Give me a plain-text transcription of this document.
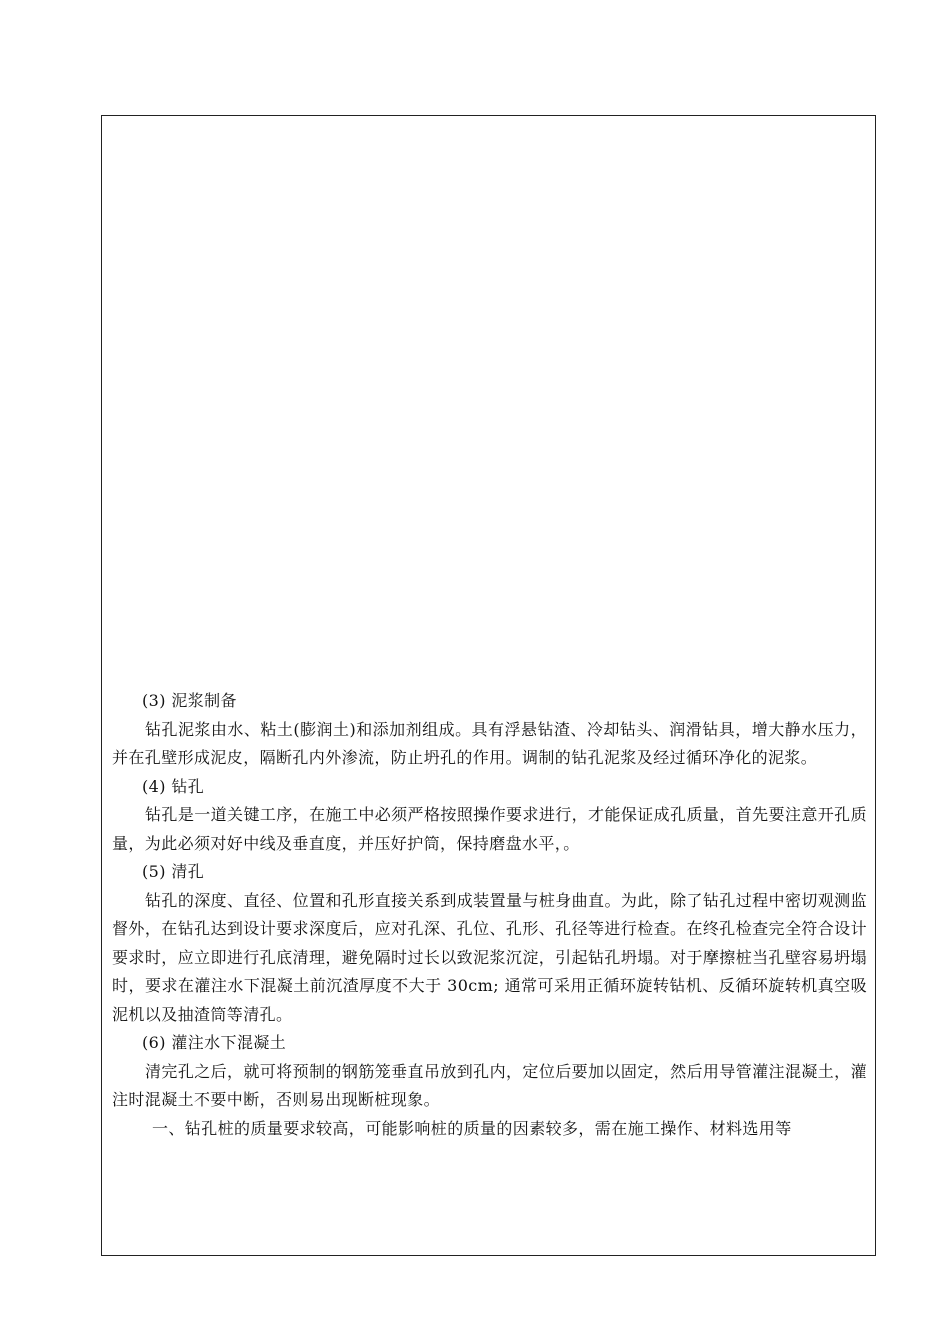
(3) 泥浆制备

钻孔泥浆由水、粘土(膨润土)和添加剂组成。具有浮悬钻渣、冷却钻头、润滑钻具，增大静水压力，并在孔壁形成泥皮，隔断孔内外渗流，防止坍孔的作用。调制的钻孔泥浆及经过循环净化的泥浆。

(4) 钻孔

钻孔是一道关键工序，在施工中必须严格按照操作要求进行，才能保证成孔质量，首先要注意开孔质量，为此必须对好中线及垂直度，并压好护筒，保持磨盘水平，。

(5) 清孔

钻孔的深度、直径、位置和孔形直接关系到成装置量与桩身曲直。为此，除了钻孔过程中密切观测监督外，在钻孔达到设计要求深度后，应对孔深、孔位、孔形、孔径等进行检查。在终孔检查完全符合设计要求时，应立即进行孔底清理，避免隔时过长以致泥浆沉淀，引起钻孔坍塌。对于摩擦桩当孔壁容易坍塌时，要求在灌注水下混凝土前沉渣厚度不大于 30cm; 通常可采用正循环旋转钻机、反循环旋转机真空吸泥机以及抽渣筒等清孔。

(6) 灌注水下混凝土

清完孔之后，就可将预制的钢筋笼垂直吊放到孔内，定位后要加以固定，然后用导管灌注混凝土，灌注时混凝土不要中断，否则易出现断桩现象。

一、钻孔桩的质量要求较高，可能影响桩的质量的因素较多，需在施工操作、材料选用等
